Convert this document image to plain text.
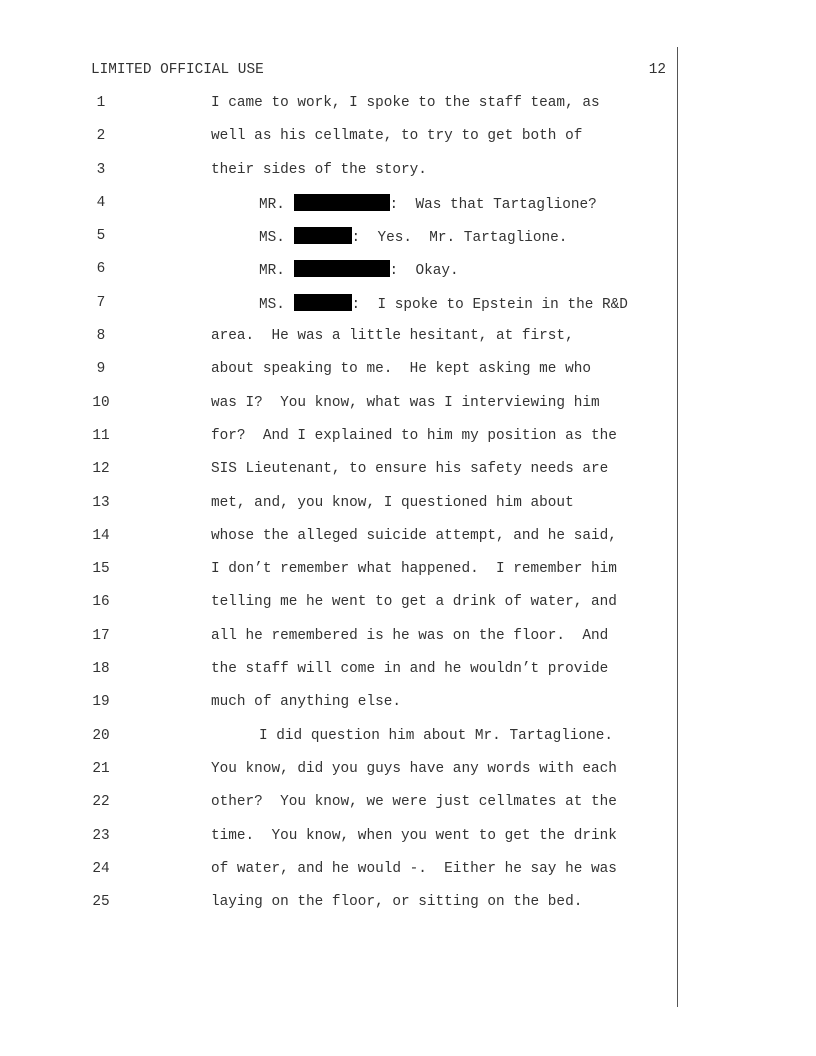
LIMITED OFFICIAL USE	12
1	I came to work, I spoke to the staff team, as
2	well as his cellmate, to try to get both of
3	their sides of the story.
4	MR.	:  Was that Tartaglione?
5	MS.	:  Yes.  Mr. Tartaglione.
6	MR.	:  Okay.
7	MS.	:  I spoke to Epstein in the R&D
8	area.  He was a little hesitant, at first,
9	about speaking to me.  He kept asking me who
10	was I?  You know, what was I interviewing him
11	for?  And I explained to him my position as the
12	SIS Lieutenant, to ensure his safety needs are
13	met, and, you know, I questioned him about
14	whose the alleged suicide attempt, and he said,
15	I don’t remember what happened.  I remember him
16	telling me he went to get a drink of water, and
17	all he remembered is he was on the floor.  And
18	the staff will come in and he wouldn’t provide
19	much of anything else.
20	I did question him about Mr. Tartaglione.
21	You know, did you guys have any words with each
22	other?  You know, we were just cellmates at the
23	time.  You know, when you went to get the drink
24	of water, and he would -.  Either he say he was
25	laying on the floor, or sitting on the bed.
